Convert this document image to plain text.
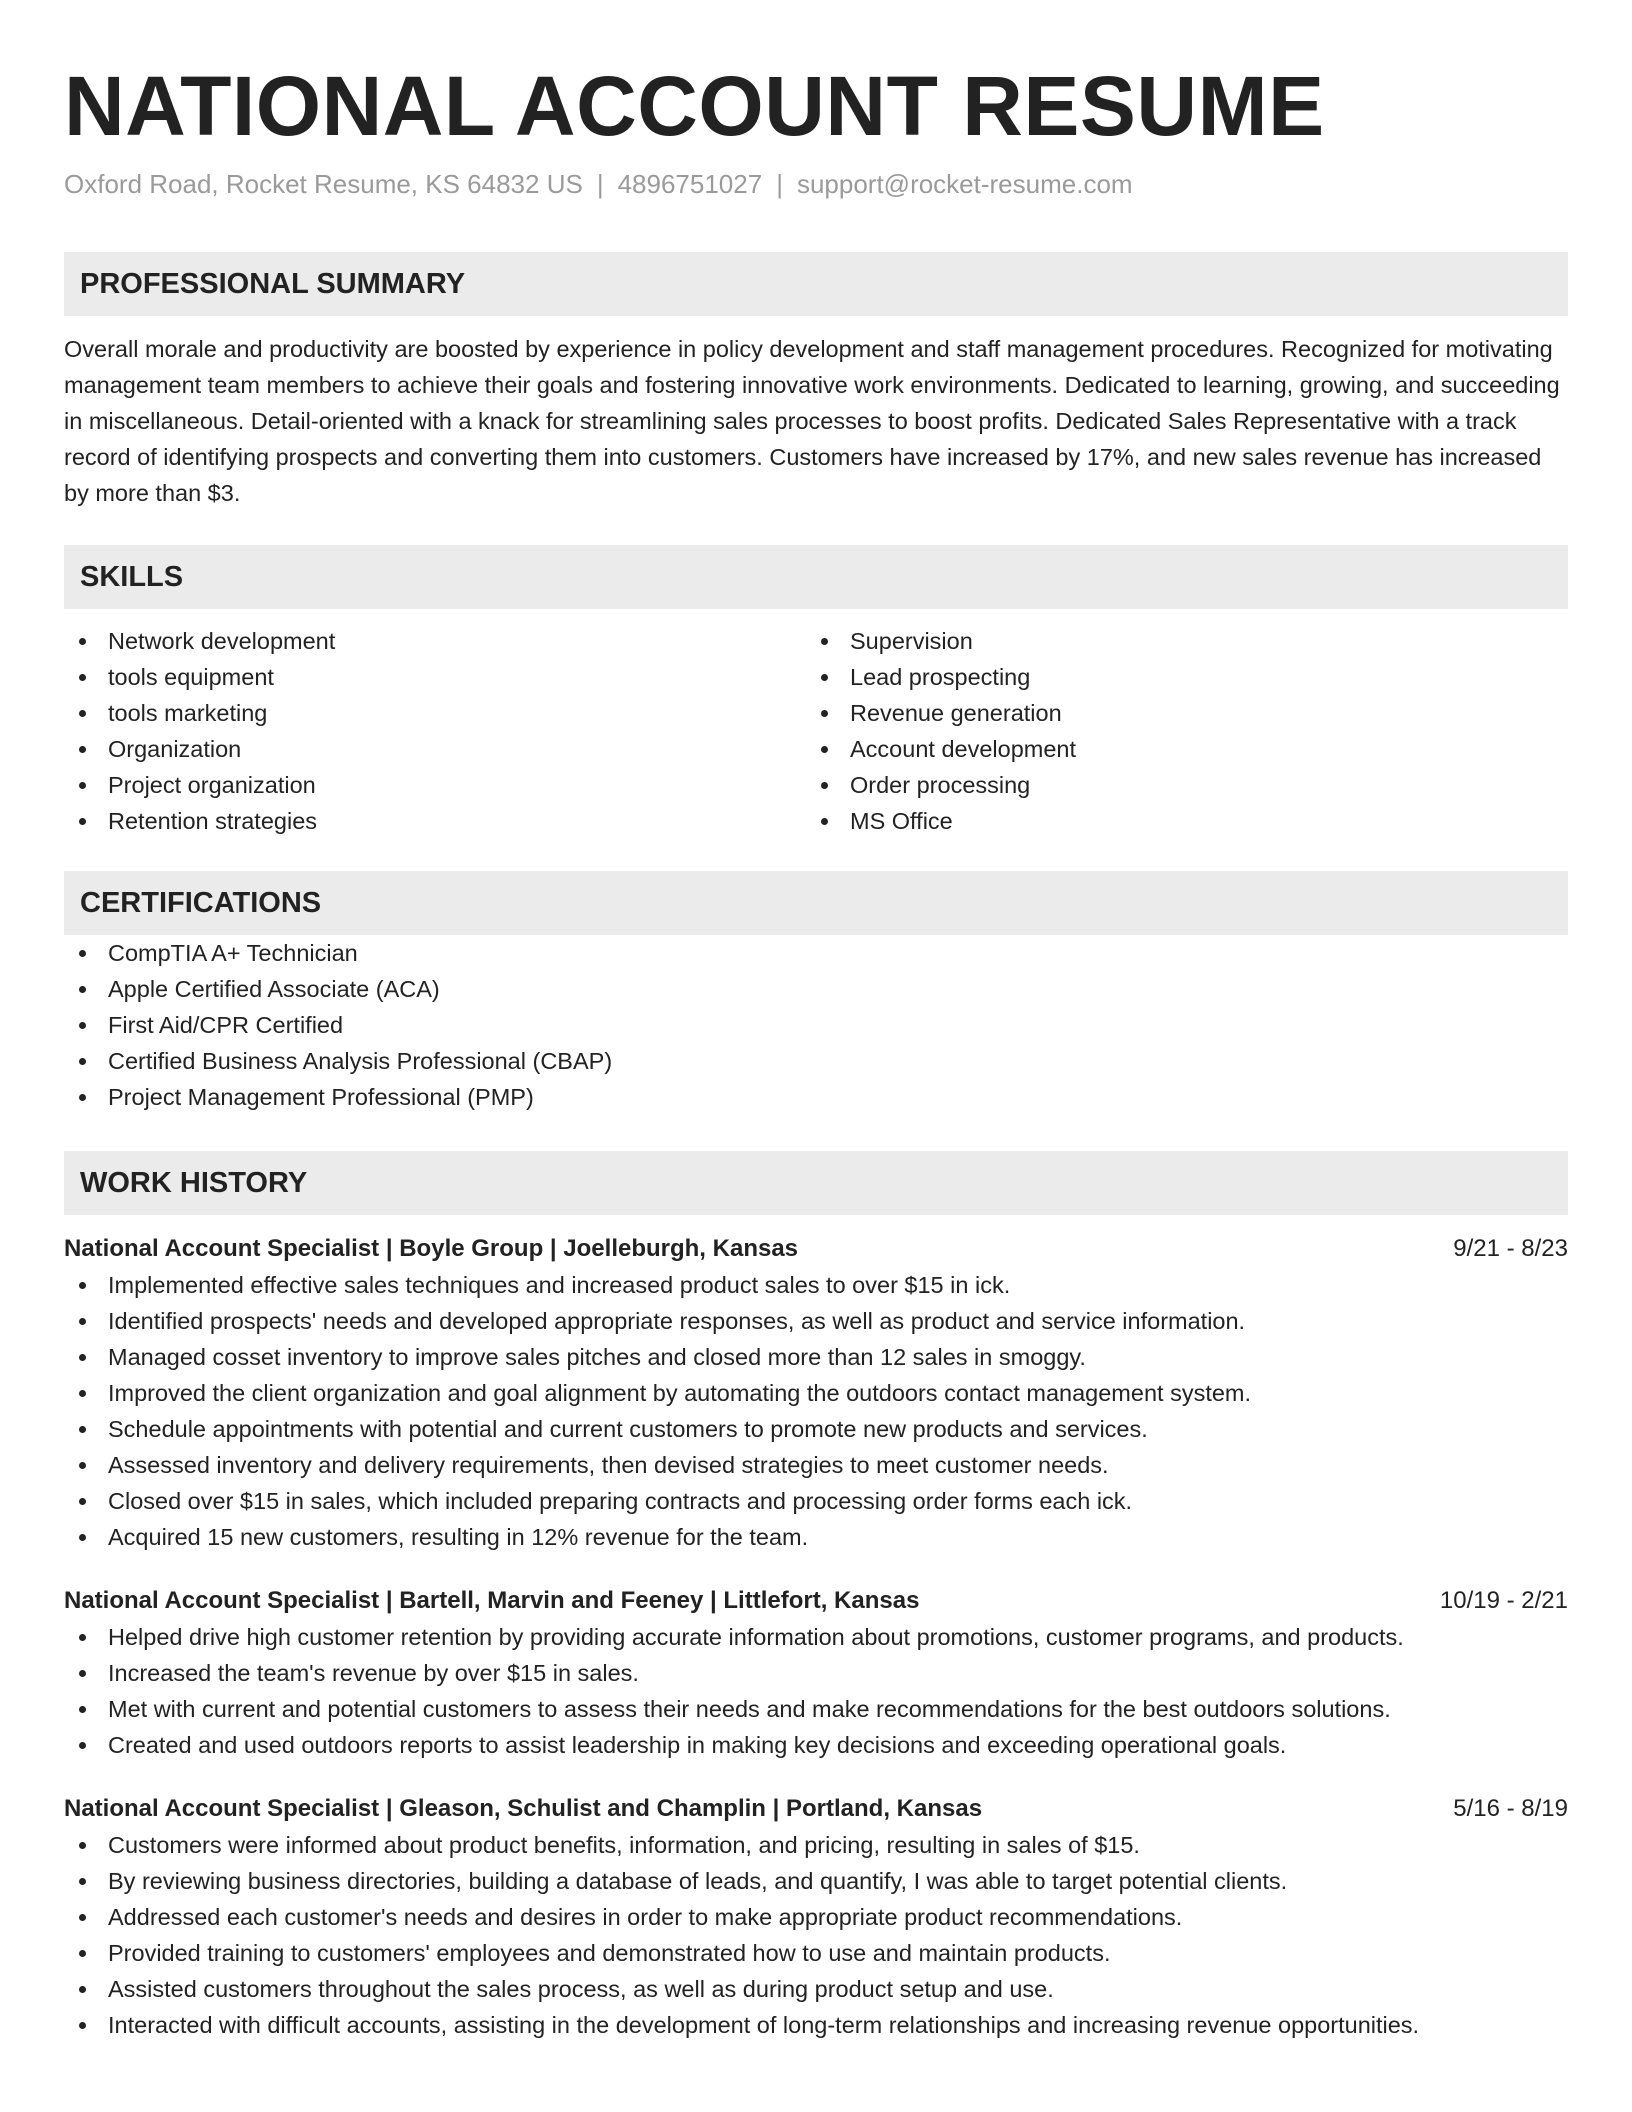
NATIONAL ACCOUNT RESUME
Oxford Road, Rocket Resume, KS 64832 US | 4896751027 | support@rocket-resume.com
PROFESSIONAL SUMMARY
Overall morale and productivity are boosted by experience in policy development and staff management procedures. Recognized for motivating management team members to achieve their goals and fostering innovative work environments. Dedicated to learning, growing, and succeeding in miscellaneous. Detail-oriented with a knack for streamlining sales processes to boost profits. Dedicated Sales Representative with a track record of identifying prospects and converting them into customers. Customers have increased by 17%, and new sales revenue has increased by more than $3.
SKILLS
Network development
tools equipment
tools marketing
Organization
Project organization
Retention strategies
Supervision
Lead prospecting
Revenue generation
Account development
Order processing
MS Office
CERTIFICATIONS
CompTIA A+ Technician
Apple Certified Associate (ACA)
First Aid/CPR Certified
Certified Business Analysis Professional (CBAP)
Project Management Professional (PMP)
WORK HISTORY
National Account Specialist | Boyle Group | Joelleburgh, Kansas	9/21 - 8/23
Implemented effective sales techniques and increased product sales to over $15 in ick.
Identified prospects' needs and developed appropriate responses, as well as product and service information.
Managed cosset inventory to improve sales pitches and closed more than 12 sales in smoggy.
Improved the client organization and goal alignment by automating the outdoors contact management system.
Schedule appointments with potential and current customers to promote new products and services.
Assessed inventory and delivery requirements, then devised strategies to meet customer needs.
Closed over $15 in sales, which included preparing contracts and processing order forms each ick.
Acquired 15 new customers, resulting in 12% revenue for the team.
National Account Specialist | Bartell, Marvin and Feeney | Littlefort, Kansas	10/19 - 2/21
Helped drive high customer retention by providing accurate information about promotions, customer programs, and products.
Increased the team's revenue by over $15 in sales.
Met with current and potential customers to assess their needs and make recommendations for the best outdoors solutions.
Created and used outdoors reports to assist leadership in making key decisions and exceeding operational goals.
National Account Specialist | Gleason, Schulist and Champlin | Portland, Kansas	5/16 - 8/19
Customers were informed about product benefits, information, and pricing, resulting in sales of $15.
By reviewing business directories, building a database of leads, and quantify, I was able to target potential clients.
Addressed each customer's needs and desires in order to make appropriate product recommendations.
Provided training to customers' employees and demonstrated how to use and maintain products.
Assisted customers throughout the sales process, as well as during product setup and use.
Interacted with difficult accounts, assisting in the development of long-term relationships and increasing revenue opportunities.
